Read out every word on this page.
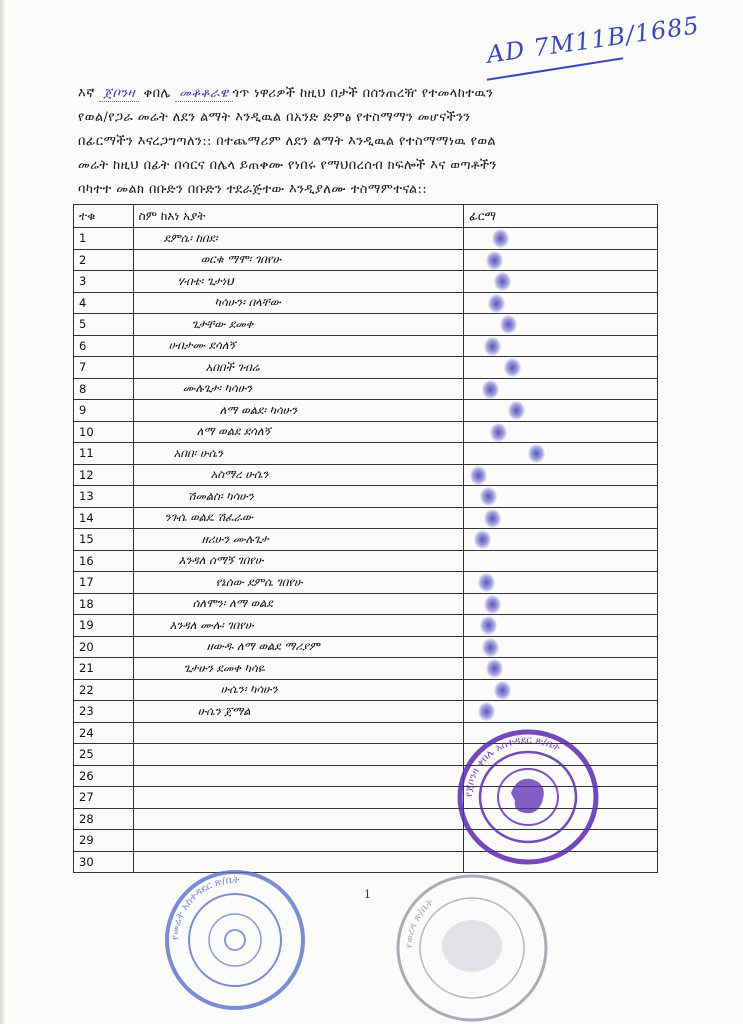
AD 7M11B/1685
እኛ ጀቦንዛ ቀበሌ መቆቆራዌ ጎጥ ነዋሪዎች ከዚህ በታች በሰንጠረዥ የተመላከተዉን
የወል/የጋራ መሬት ለደን ልማት እንዲዉል በአንድ ድምፅ የተስማማን መሆናችንን
በፊርማችን እናረጋግጣለን:: በተጨማሪም ለደን ልማት እንዲዉል የተስማማነዉ የወል
መሬት ከዚህ በፊት በሳርና በሌላ ይጠቀሙ የነበሩ የማህበረሰብ ክፍሎች እና ወጣቶችን
ባካተተ መልክ በቡድን በቡድን ተደራጅተው እንዲያለሙ ተስማምተናል::
ተቁ	ስም ከእነ አያት	ፊርማ
1	ደምሴ፡ ከበደ፡	

2	ወርቁ ማሞ፡ ገበየሁ	

3	ሃብቴ፡ ጌታነህ	

4	ካሳሁን፡ በላቸው	

5	ጌታቸው ደመቀ	

6	ሀብታሙ ደሳለኝ	

7	አበበች ገብሬ	

8	ሙሉጌታ፡ ካሳሁን	

9	ለማ ወልደ፡ ካሳሁን	

10	ለማ ወልደ ደሳለኝ	

11	አበበ፡ ሁሴን	

12	አስማረ ሁሴን	

13	ሽመልስ፡ ካሳሁን	

14	ንጉሴ ወልዴ ሽፈራው	

15	ዘሪሁን ሙሉጌታ	

16	እንዳለ ሰማኝ ገበየሁ	
17	የኔሰው ደምሴ ገበየሁ	

18	ሰለሞን፡ ለማ ወልደ	

19	እንዳለ ሙሉ፡ ገበየሁ	

20	ዘውዱ ለማ ወልደ ማሪያም	

21	ጌታሁን ደመቀ ካሳዬ	

22	ሁሴን፡ ካሳሁን	

23	ሁሴን ጀማል	

24		
25		
26		
27		
28		
29		
30		
1
የጀቦንዛ ቀበሌ አስተዳደር ጽ/ቤት
የመሬት አስተዳደር ጽ/ቤት
የወረዳ ጽ/ቤት
